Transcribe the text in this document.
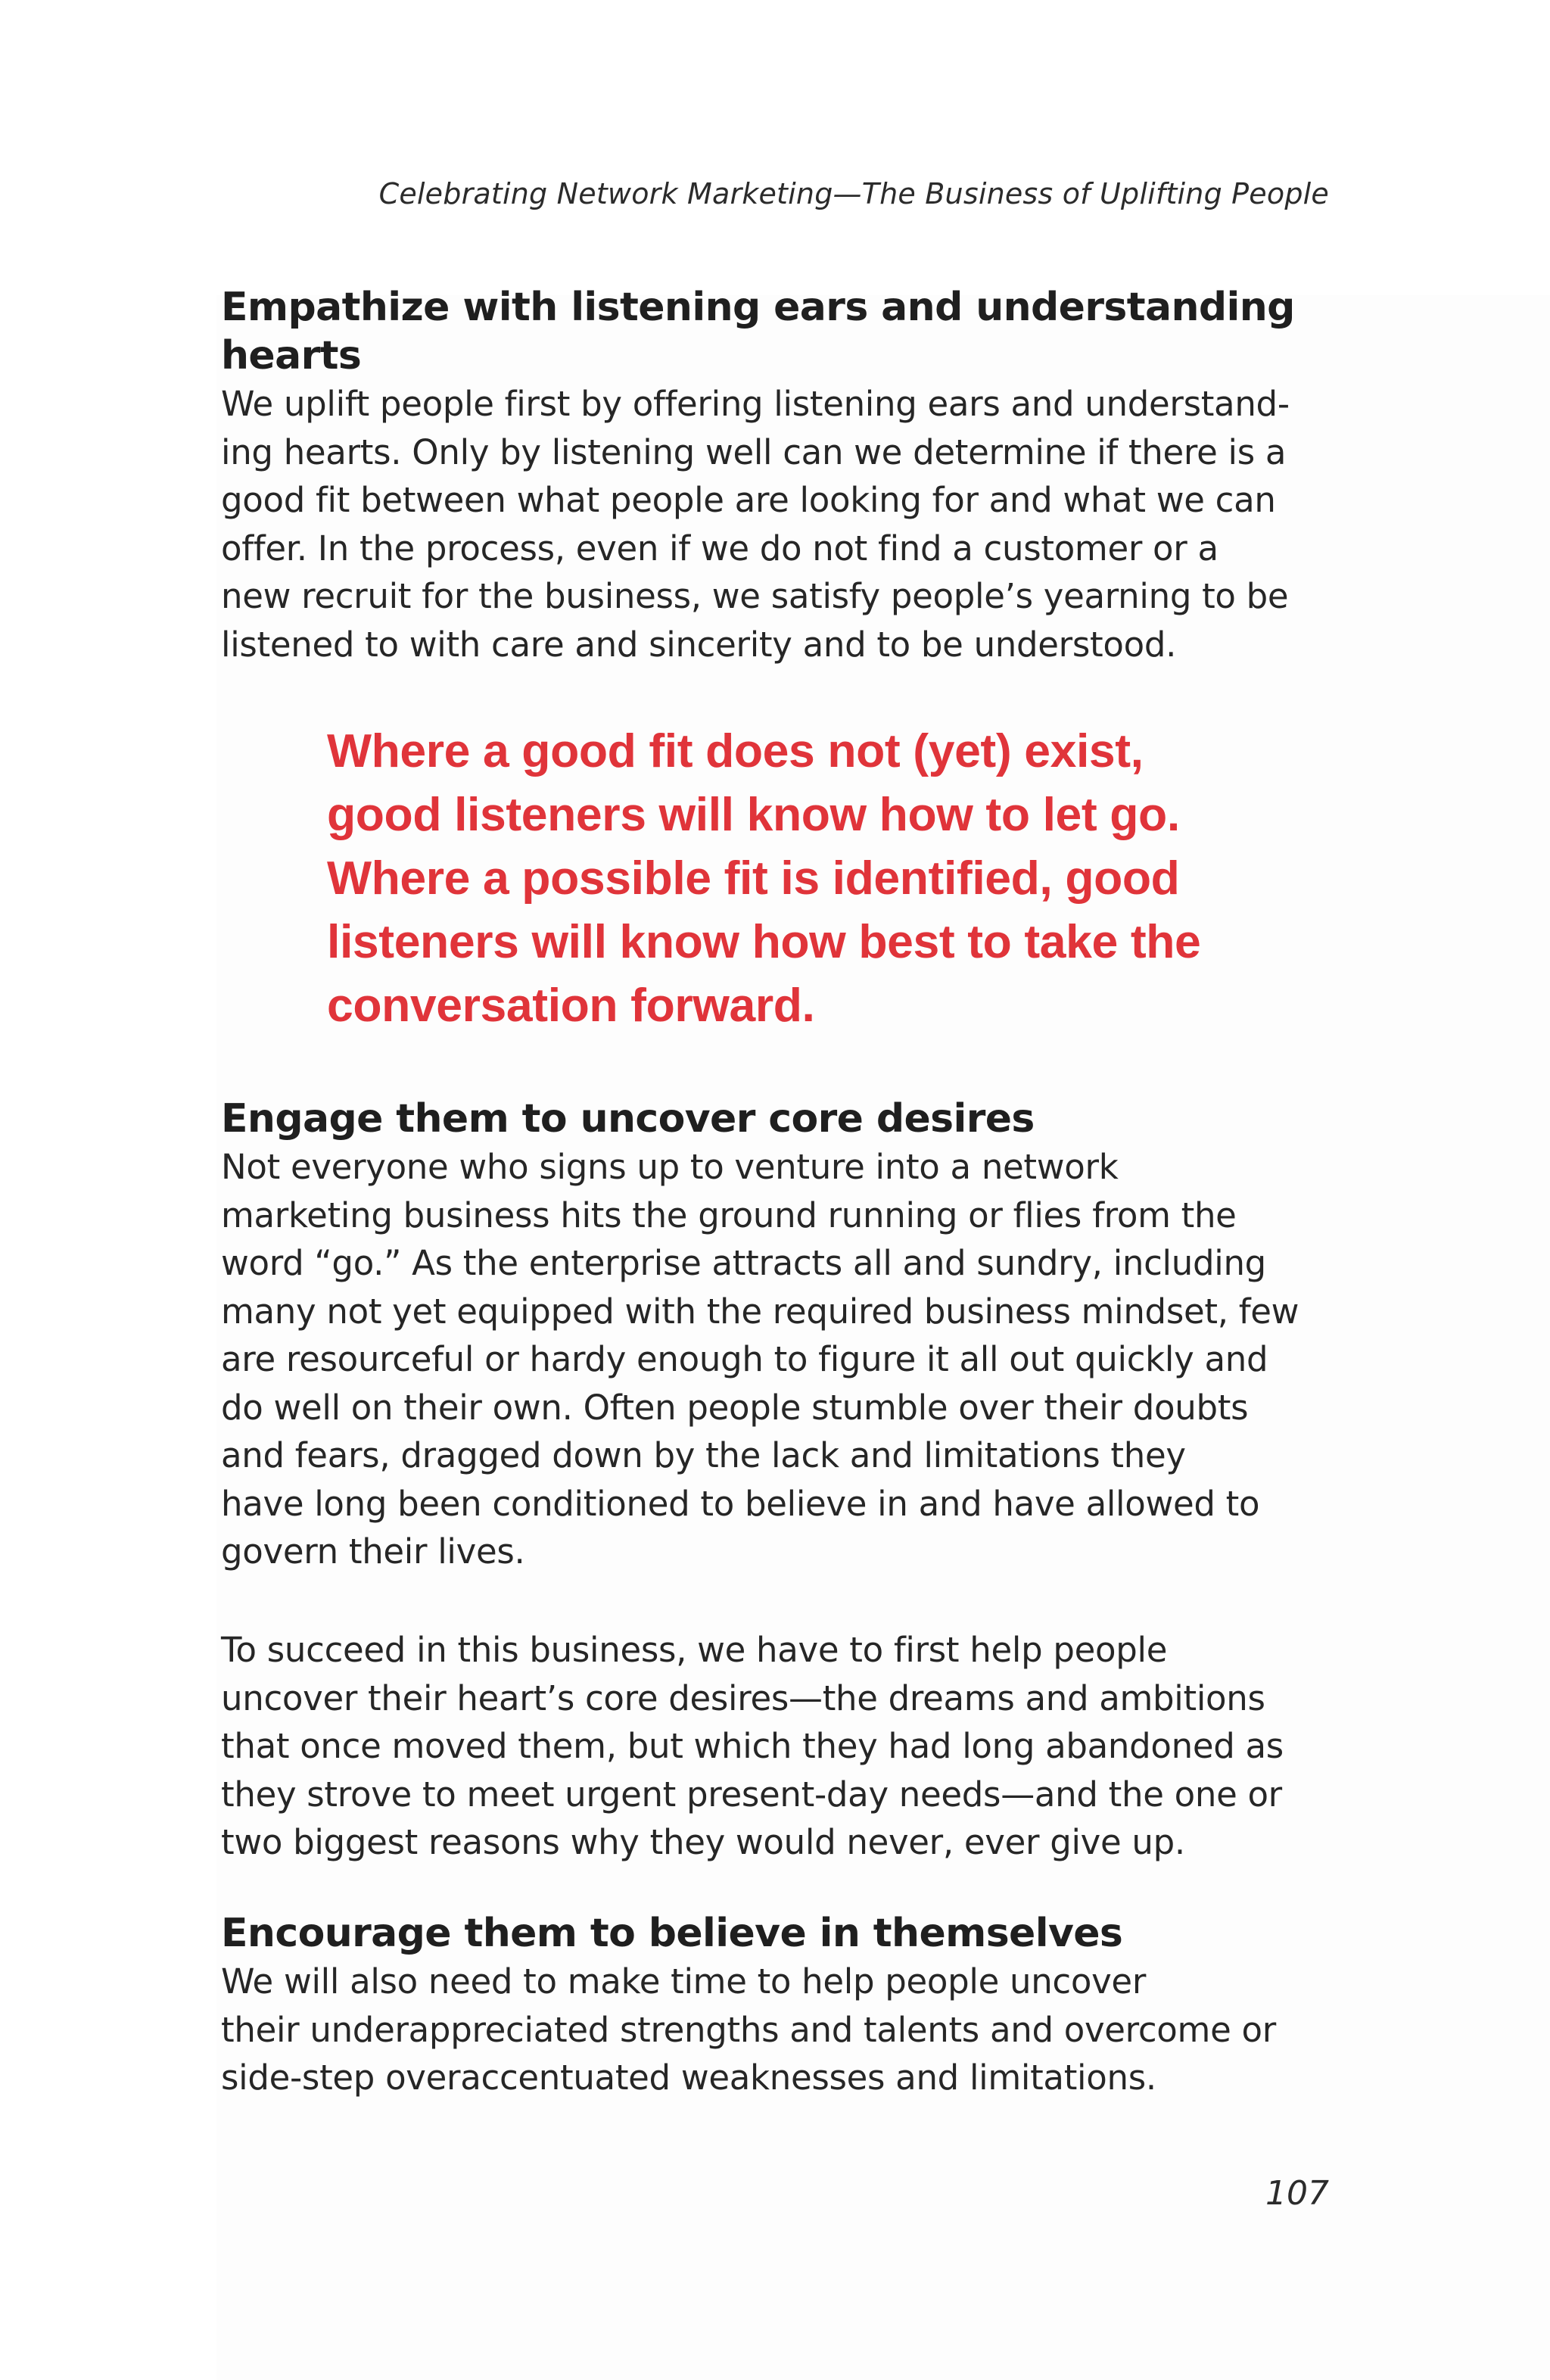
Celebrating Network Marketing—The Business of Uplifting People
Empathize with listening ears and understanding
hearts

We uplift people first by offering listening ears and understand-
ing hearts. Only by listening well can we determine if there is a
good fit between what people are looking for and what we can
offer. In the process, even if we do not find a customer or a
new recruit for the business, we satisfy people’s yearning to be
listened to with care and sincerity and to be understood.

Where a good fit does not (yet) exist,
good listeners will know how to let go.
Where a possible fit is identified, good
listeners will know how best to take the
conversation forward.

Engage them to uncover core desires

Not everyone who signs up to venture into a network
marketing business hits the ground running or flies from the
word “go.” As the enterprise attracts all and sundry, including
many not yet equipped with the required business mindset, few
are resourceful or hardy enough to figure it all out quickly and
do well on their own. Often people stumble over their doubts
and fears, dragged down by the lack and limitations they
have long been conditioned to believe in and have allowed to
govern their lives.

To succeed in this business, we have to first help people
uncover their heart’s core desires—the dreams and ambitions
that once moved them, but which they had long abandoned as
they strove to meet urgent present-day needs—and the one or
two biggest reasons why they would never, ever give up.

Encourage them to believe in themselves

We will also need to make time to help people uncover
their underappreciated strengths and talents and overcome or
side-step overaccentuated weaknesses and limitations.

107
